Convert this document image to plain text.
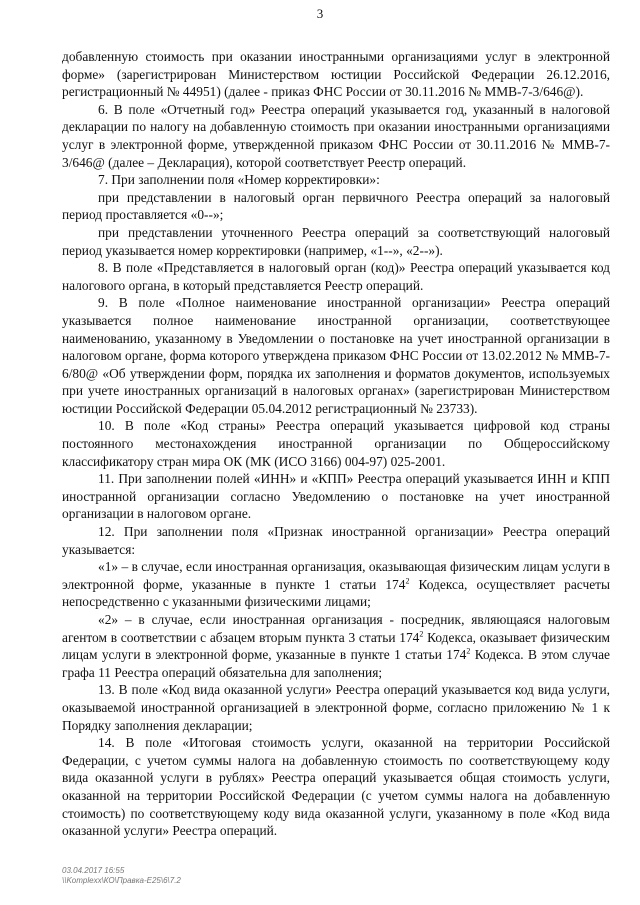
3

добавленную стоимость при оказании иностранными организациями услуг в электронной форме» (зарегистрирован Министерством юстиции Российской Федерации 26.12.2016, регистрационный № 44951) (далее - приказ ФНС России от 30.11.2016 № ММВ-7-3/646@).

6. В поле «Отчетный год» Реестра операций указывается год, указанный в налоговой декларации по налогу на добавленную стоимость при оказании иностранными организациями услуг в электронной форме, утвержденной приказом ФНС России от 30.11.2016 № ММВ-7-3/646@ (далее – Декларация), которой соответствует Реестр операций.

7. При заполнении поля «Номер корректировки»:

при представлении в налоговый орган первичного Реестра операций за налоговый период проставляется «0--»;

при представлении уточненного Реестра операций за соответствующий налоговый период указывается номер корректировки (например, «1--», «2--»).

8. В поле «Представляется в налоговый орган (код)» Реестра операций указывается код налогового органа, в который представляется Реестр операций.

9. В поле «Полное наименование иностранной организации» Реестра операций указывается полное наименование иностранной организации, соответствующее наименованию, указанному в Уведомлении о постановке на учет иностранной организации в налоговом органе, форма которого утверждена приказом ФНС России от 13.02.2012 № ММВ-7-6/80@ «Об утверждении форм, порядка их заполнения и форматов документов, используемых при учете иностранных организаций в налоговых органах» (зарегистрирован Министерством юстиции Российской Федерации 05.04.2012 регистрационный № 23733).

10. В поле «Код страны» Реестра операций указывается цифровой код страны постоянного местонахождения иностранной организации по Общероссийскому классификатору стран мира ОК (МК (ИСО 3166) 004-97) 025-2001.

11. При заполнении полей «ИНН» и «КПП» Реестра операций указывается ИНН и КПП иностранной организации согласно Уведомлению о постановке на учет иностранной организации в налоговом органе.

12. При заполнении поля «Признак иностранной организации» Реестра операций указывается:

«1» – в случае, если иностранная организация, оказывающая физическим лицам услуги в электронной форме, указанные в пункте 1 статьи $174^2$ Кодекса, осуществляет расчеты непосредственно с указанными физическими лицами;

«2» – в случае, если иностранная организация - посредник, являющаяся налоговым агентом в соответствии с абзацем вторым пункта 3 статьи $174^2$ Кодекса, оказывает физическим лицам услуги в электронной форме, указанные в пункте 1 статьи $174^2$ Кодекса. В этом случае графа 11 Реестра операций обязательна для заполнения;

13. В поле «Код вида оказанной услуги» Реестра операций указывается код вида услуги, оказываемой иностранной организацией в электронной форме, согласно приложению № 1 к Порядку заполнения декларации;

14. В поле «Итоговая стоимость услуги, оказанной на территории Российской Федерации, с учетом суммы налога на добавленную стоимость по соответствующему коду вида оказанной услуги в рублях» Реестра операций указывается общая стоимость услуги, оказанной на территории Российской Федерации (с учетом суммы налога на добавленную стоимость) по соответствующему коду вида оказанной услуги, указанному в поле «Код вида оказанной услуги» Реестра операций.

03.04.2017 16:55
\\Komplexx\КО\Правка-Е25\6\7.2
